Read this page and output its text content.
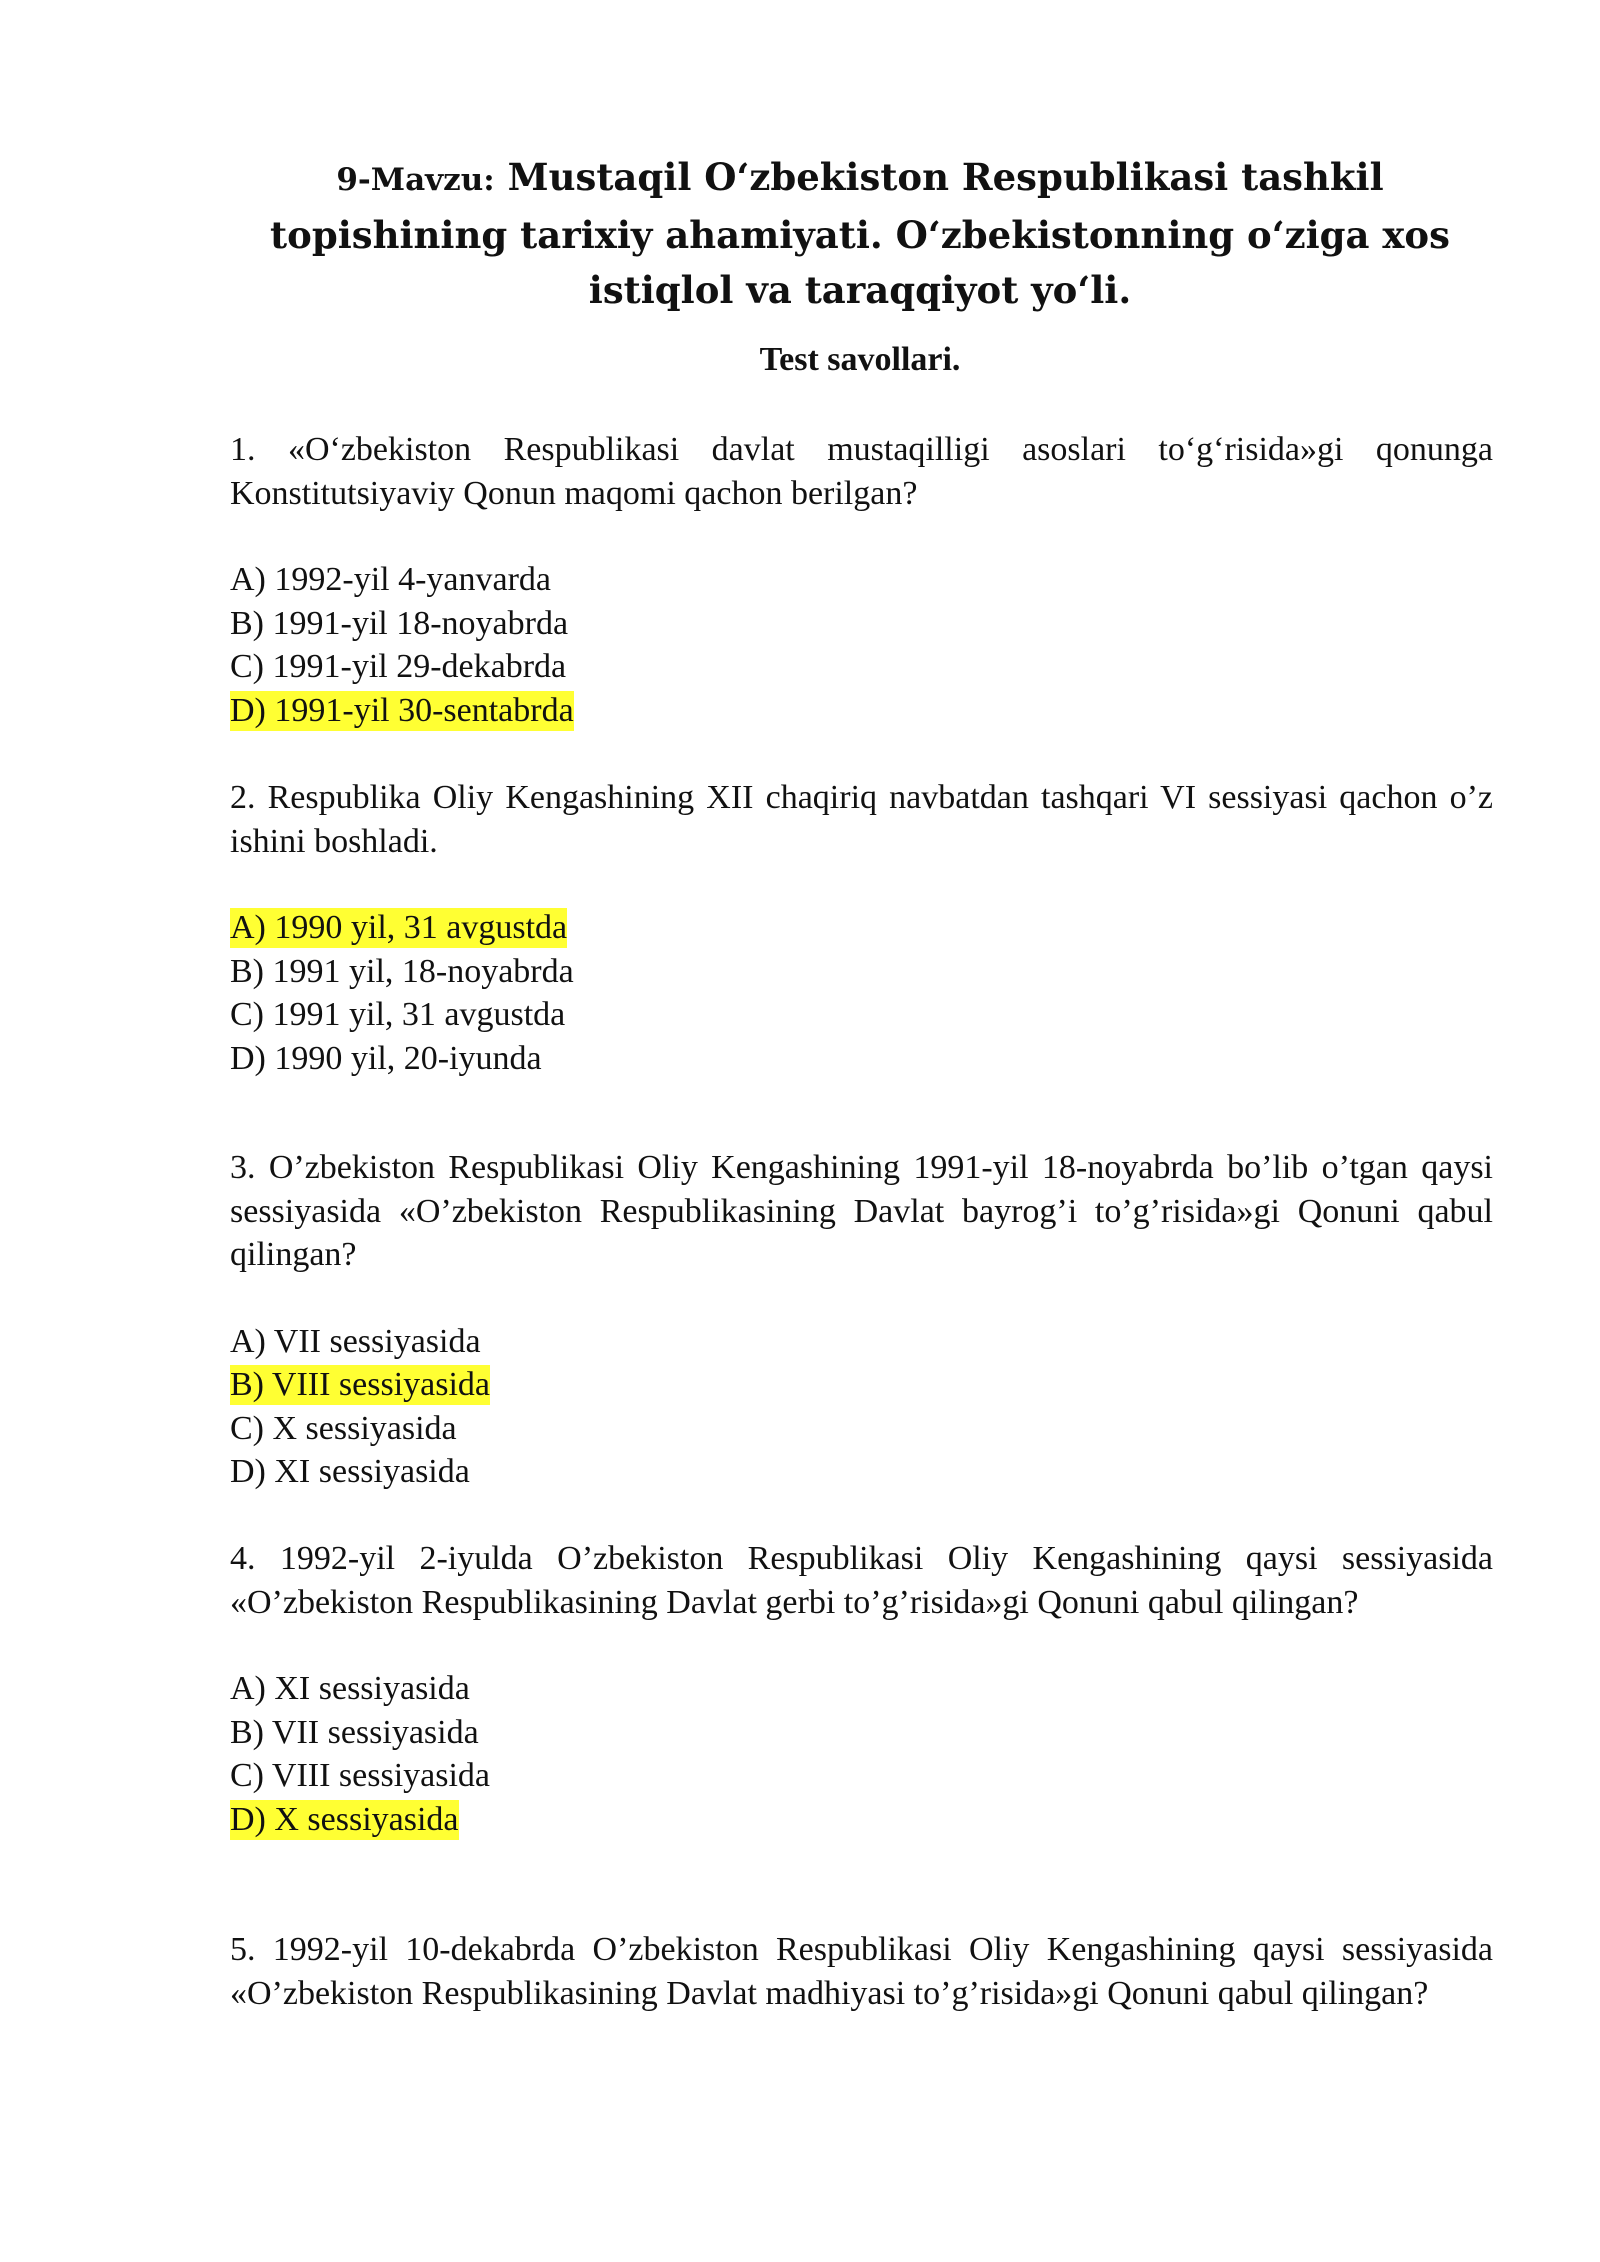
9-Mavzu: Mustaqil O‘zbekiston Respublikasi tashkil topishining tarixiy ahamiyati. O‘zbekistonning o‘ziga xos istiqlol va taraqqiyot yo‘li.

Test savollari.

1. «O‘zbekiston Respublikasi davlat mustaqilligi asoslari to‘g‘risida»gi qonunga Konstitutsiyaviy Qonun maqomi qachon berilgan?

A) 1992-yil 4-yanvarda
B) 1991-yil 18-noyabrda
C) 1991-yil 29-dekabrda
D) 1991-yil 30-sentabrda

2. Respublika Oliy Kengashining XII chaqiriq navbatdan tashqari VI sessiyasi qachon o’z ishini boshladi.

A) 1990 yil, 31 avgustda
B) 1991 yil, 18-noyabrda
C) 1991 yil, 31 avgustda
D) 1990 yil, 20-iyunda

3. O’zbekiston Respublikasi Oliy Kengashining 1991-yil 18-noyabrda bo’lib o’tgan qaysi sessiyasida «O’zbekiston Respublikasining Davlat bayrog’i to’g’risida»gi Qonuni qabul qilingan?

A) VII sessiyasida
B) VIII sessiyasida
C) X sessiyasida
D) XI sessiyasida

4. 1992-yil 2-iyulda O’zbekiston Respublikasi Oliy Kengashining qaysi sessiyasida «O’zbekiston Respublikasining Davlat gerbi to’g’risida»gi Qonuni qabul qilingan?

A) XI sessiyasida
B) VII sessiyasida
C) VIII sessiyasida
D) X sessiyasida

5. 1992-yil 10-dekabrda O’zbekiston Respublikasi Oliy Kengashining qaysi sessiyasida «O’zbekiston Respublikasining Davlat madhiyasi to’g’risida»gi Qonuni qabul qilingan?
